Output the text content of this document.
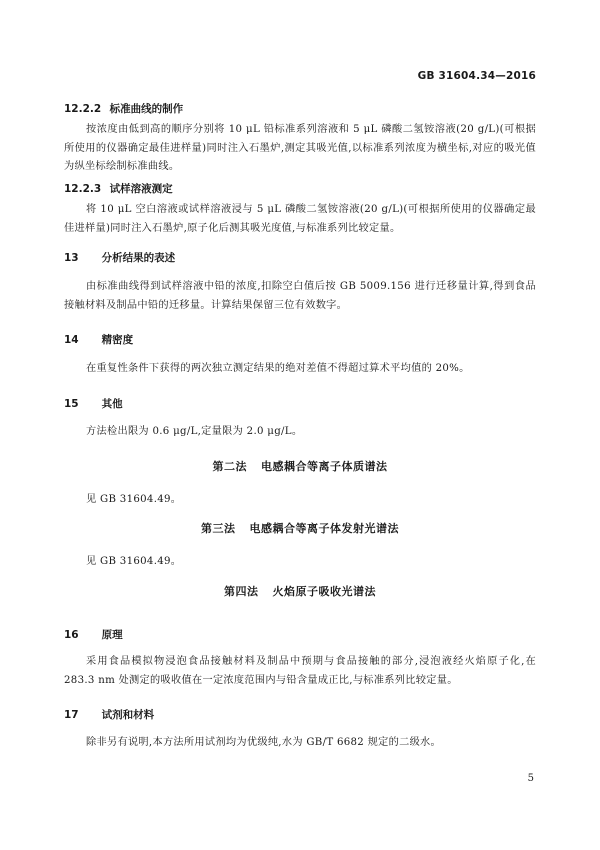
GB 31604.34—2016
12.2.2 标准曲线的制作
按浓度由低到高的顺序分别将 10 μL 铅标准系列溶液和 5 μL 磷酸二氢铵溶液(20 g/L)(可根据所使用的仪器确定最佳进样量)同时注入石墨炉,测定其吸光值,以标准系列浓度为横坐标,对应的吸光值为纵坐标绘制标准曲线。
12.2.3 试样溶液测定
将 10 μL 空白溶液或试样溶液浸与 5 μL 磷酸二氢铵溶液(20 g/L)(可根据所使用的仪器确定最佳进样量)同时注入石墨炉,原子化后测其吸光度值,与标准系列比较定量。
13 分析结果的表述
由标准曲线得到试样溶液中铅的浓度,扣除空白值后按 GB 5009.156 进行迁移量计算,得到食品接触材料及制品中铅的迁移量。计算结果保留三位有效数字。
14 精密度
在重复性条件下获得的两次独立测定结果的绝对差值不得超过算术平均值的 20%。
15 其他
方法检出限为 0.6 μg/L,定量限为 2.0 μg/L。
第二法 电感耦合等离子体质谱法
见 GB 31604.49。
第三法 电感耦合等离子体发射光谱法
见 GB 31604.49。
第四法 火焰原子吸收光谱法
16 原理
采用食品模拟物浸泡食品接触材料及制品中预期与食品接触的部分,浸泡液经火焰原子化,在 283.3 nm 处测定的吸收值在一定浓度范围内与铅含量成正比,与标准系列比较定量。
17 试剂和材料
除非另有说明,本方法所用试剂均为优级纯,水为 GB/T 6682 规定的二级水。
5
